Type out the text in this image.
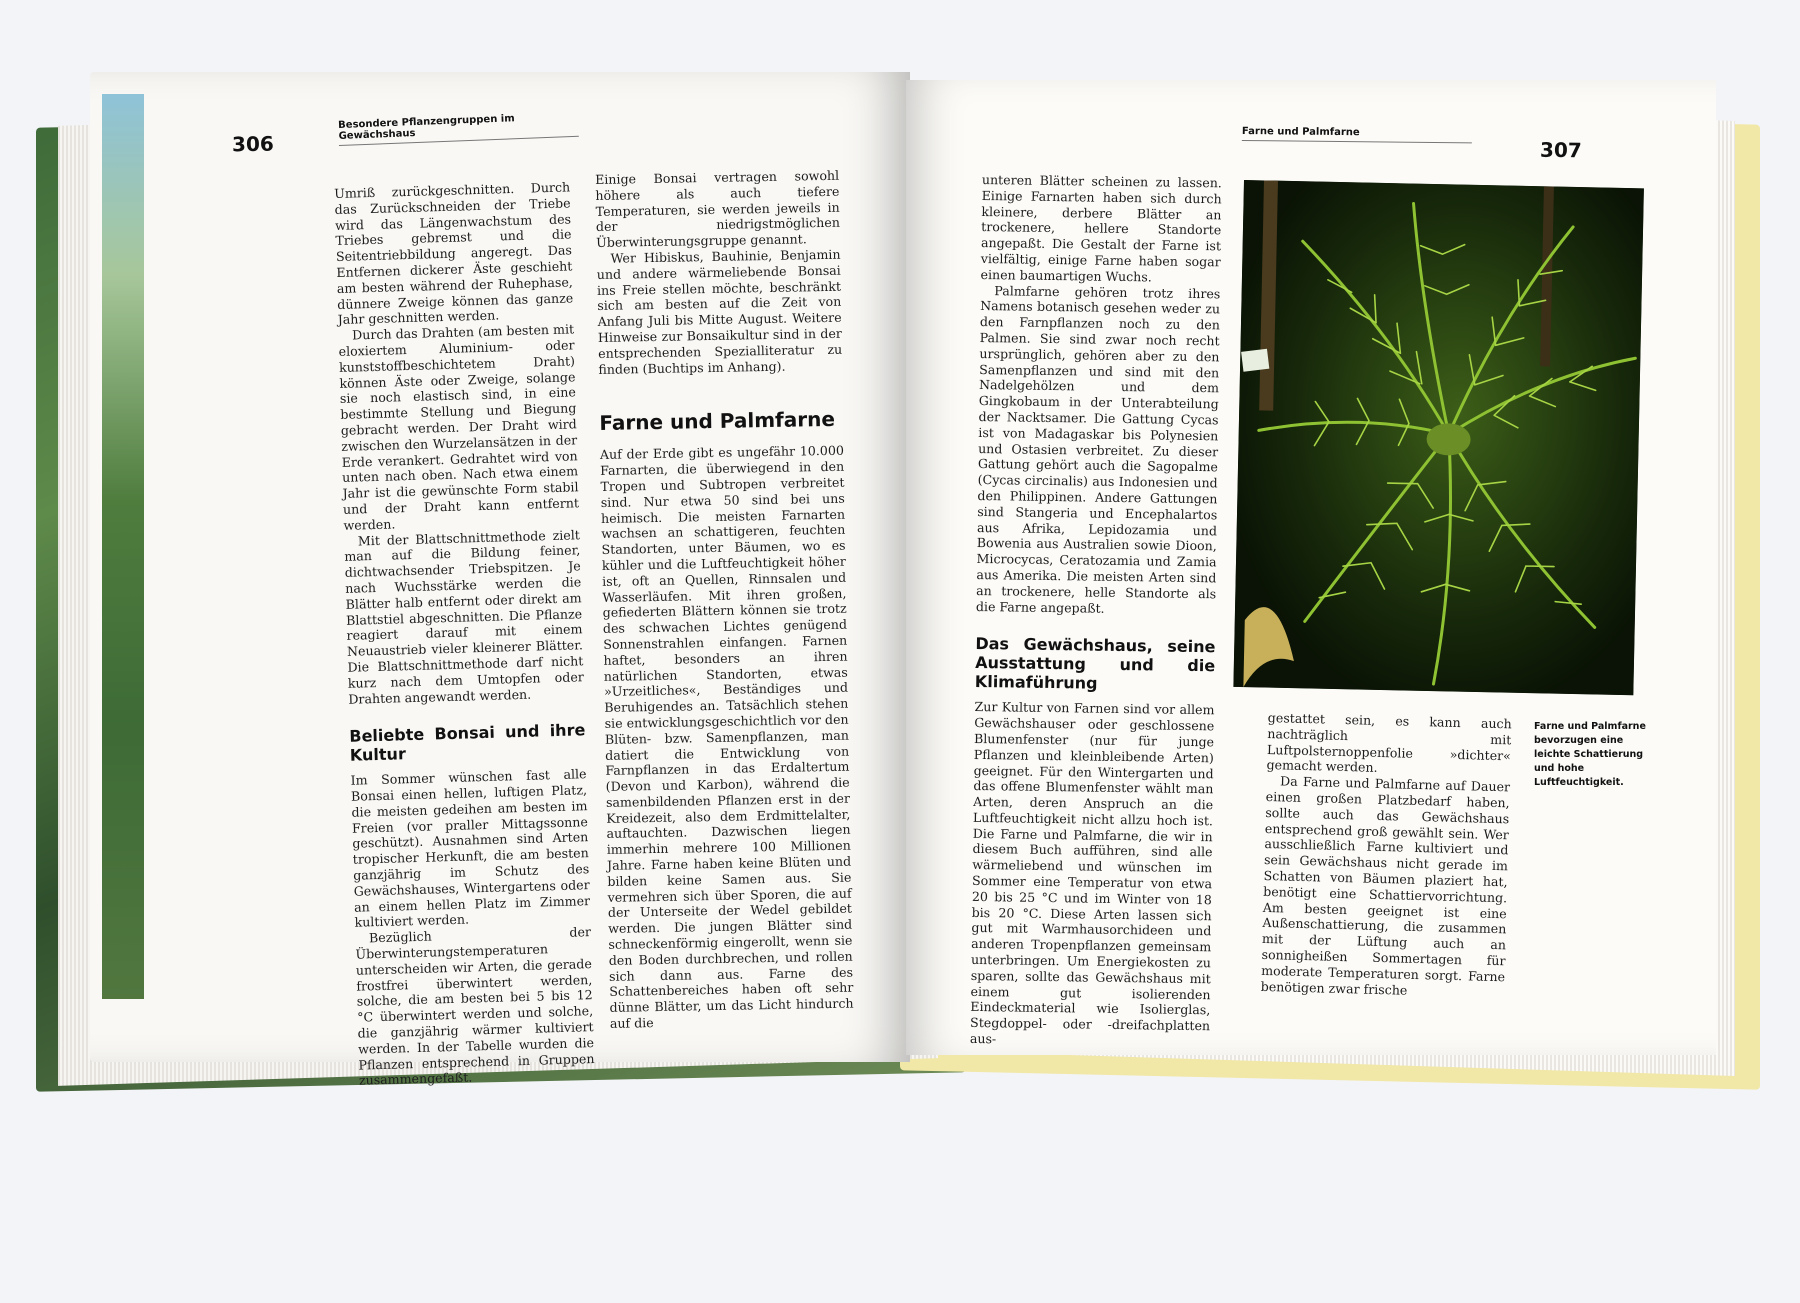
306
Besondere Pflanzengruppen im Gewächshaus

Umriß zurückgeschnitten. Durch das Zurückschneiden der Triebe wird das Längenwachstum des Triebes gebremst und die Seitentriebbildung angeregt. Das Entfernen dickerer Äste geschieht am besten während der Ruhephase, dünnere Zweige können das ganze Jahr geschnitten werden.

Durch das Drahten (am besten mit eloxiertem Aluminium- oder kunststoffbeschichtetem Draht) können Äste oder Zweige, solange sie noch elastisch sind, in eine bestimmte Stellung und Biegung gebracht werden. Der Draht wird zwischen den Wurzelansätzen in der Erde verankert. Gedrahtet wird von unten nach oben. Nach etwa einem Jahr ist die gewünschte Form stabil und der Draht kann entfernt werden.

Mit der Blattschnittmethode zielt man auf die Bildung feiner, dichtwachsender Triebspitzen. Je nach Wuchsstärke werden die Blätter halb entfernt oder direkt am Blattstiel abgeschnitten. Die Pflanze reagiert darauf mit einem Neuaustrieb vieler kleinerer Blätter. Die Blattschnittmethode darf nicht kurz nach dem Umtopfen oder Drahten angewandt werden.

Beliebte Bonsai und ihre Kultur

Im Sommer wünschen fast alle Bonsai einen hellen, luftigen Platz, die meisten gedeihen am besten im Freien (vor praller Mittagssonne geschützt). Ausnahmen sind Arten tropischer Herkunft, die am besten ganzjährig im Schutz des Gewächshauses, Wintergartens oder an einem hellen Platz im Zimmer kultiviert werden.

Bezüglich der Überwinterungstemperaturen unterscheiden wir Arten, die gerade frostfrei überwintert werden, solche, die am besten bei 5 bis 12 °C überwintert werden und solche, die ganzjährig wärmer kultiviert werden. In der Tabelle wurden die Pflanzen entsprechend in Gruppen zusammengefaßt.

Einige Bonsai vertragen sowohl höhere als auch tiefere Temperaturen, sie werden jeweils in der niedrigstmöglichen Überwinterungsgruppe genannt.

Wer Hibiskus, Bauhinie, Benjamin und andere wärmeliebende Bonsai ins Freie stellen möchte, beschränkt sich am besten auf die Zeit von Anfang Juli bis Mitte August. Weitere Hinweise zur Bonsaikultur sind in der entsprechenden Spezialliteratur zu finden (Buchtips im Anhang).

Farne und Palmfarne

Auf der Erde gibt es ungefähr 10.000 Farnarten, die überwiegend in den Tropen und Subtropen verbreitet sind. Nur etwa 50 sind bei uns heimisch. Die meisten Farnarten wachsen an schattigeren, feuchten Standorten, unter Bäumen, wo es kühler und die Luftfeuchtigkeit höher ist, oft an Quellen, Rinnsalen und Wasserläufen. Mit ihren großen, gefiederten Blättern können sie trotz des schwachen Lichtes genügend Sonnenstrahlen einfangen. Farnen haftet, besonders an ihren natürlichen Standorten, etwas »Urzeitliches«, Beständiges und Beruhigendes an. Tatsächlich stehen sie entwicklungsgeschichtlich vor den Blüten- bzw. Samenpflanzen, man datiert die Entwicklung von Farnpflanzen in das Erdaltertum (Devon und Karbon), während die samenbildenden Pflanzen erst in der Kreidezeit, also dem Erdmittelalter, auftauchten. Dazwischen liegen immerhin mehrere 100 Millionen Jahre. Farne haben keine Blüten und bilden keine Samen aus. Sie vermehren sich über Sporen, die auf der Unterseite der Wedel gebildet werden. Die jungen Blätter sind schneckenförmig eingerollt, wenn sie den Boden durchbrechen, und rollen sich dann aus. Farne des Schattenbereiches haben oft sehr dünne Blätter, um das Licht hindurch auf die

Farne und Palmfarne
307

unteren Blätter scheinen zu lassen. Einige Farnarten haben sich durch kleinere, derbere Blätter an trockenere, hellere Standorte angepaßt. Die Gestalt der Farne ist vielfältig, einige Farne haben sogar einen baumartigen Wuchs.

Palmfarne gehören trotz ihres Namens botanisch gesehen weder zu den Farnpflanzen noch zu den Palmen. Sie sind zwar noch recht ursprünglich, gehören aber zu den Samenpflanzen und sind mit den Nadelgehölzen und dem Gingkobaum in der Unterabteilung der Nacktsamer. Die Gattung Cycas ist von Madagaskar bis Polynesien und Ostasien verbreitet. Zu dieser Gattung gehört auch die Sagopalme (Cycas circinalis) aus Indonesien und den Philippinen. Andere Gattungen sind Stangeria und Encephalartos aus Afrika, Lepidozamia und Bowenia aus Australien sowie Dioon, Microcycas, Ceratozamia und Zamia aus Amerika. Die meisten Arten sind an trockenere, helle Standorte als die Farne angepaßt.

Das Gewächshaus, seine Ausstattung und die Klimaführung

Zur Kultur von Farnen sind vor allem Gewächshauser oder geschlossene Blumenfenster (nur für junge Pflanzen und kleinbleibende Arten) geeignet. Für den Wintergarten und das offene Blumenfenster wählt man Arten, deren Anspruch an die Luftfeuchtigkeit nicht allzu hoch ist. Die Farne und Palmfarne, die wir in diesem Buch aufführen, sind alle wärmeliebend und wünschen im Sommer eine Temperatur von etwa 20 bis 25 °C und im Winter von 18 bis 20 °C. Diese Arten lassen sich gut mit Warmhausorchideen und anderen Tropenpflanzen gemeinsam unterbringen. Um Energiekosten zu sparen, sollte das Gewächshaus mit einem gut isolierenden Eindeckmaterial wie Isolierglas, Stegdoppel- oder -dreifachplatten aus-

gestattet sein, es kann auch nachträglich mit Luftpolsternoppenfolie »dichter« gemacht werden.

Da Farne und Palmfarne auf Dauer einen großen Platzbedarf haben, sollte auch das Gewächshaus entsprechend groß gewählt sein. Wer ausschließlich Farne kultiviert und sein Gewächshaus nicht gerade im Schatten von Bäumen plaziert hat, benötigt eine Schattiervorrichtung. Am besten geeignet ist eine Außenschattierung, die zusammen mit der Lüftung auch an sonnigheißen Sommertagen für moderate Temperaturen sorgt. Farne benötigen zwar frische

Farne und Palmfarne bevorzugen eine leichte Schattierung und hohe Luftfeuchtigkeit.
